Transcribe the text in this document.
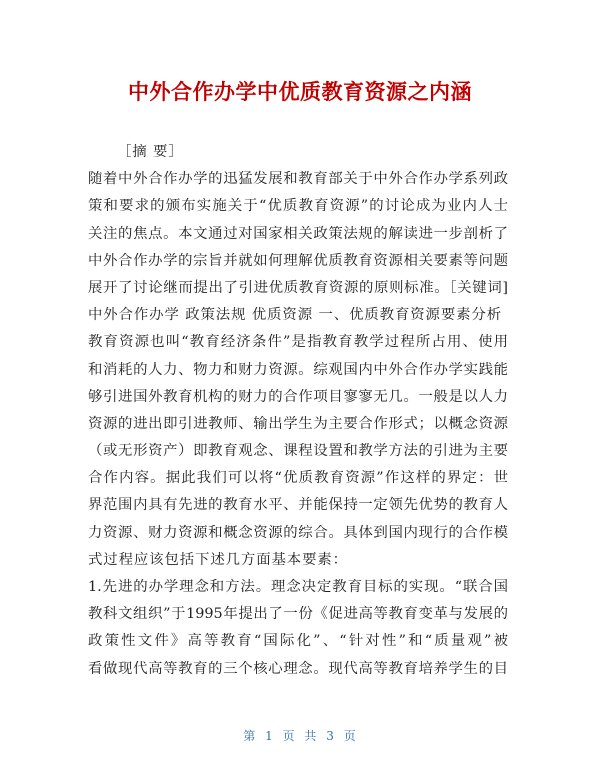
中外合作办学中优质教育资源之内涵
［摘 要］
随着中外合作办学的迅猛发展和教育部关于中外合作办学系列政
策和要求的颁布实施关于“优质教育资源”的讨论成为业内人士
关注的焦点。本文通过对国家相关政策法规的解读进一步剖析了
中外合作办学的宗旨并就如何理解优质教育资源相关要素等问题
展开了讨论继而提出了引进优质教育资源的原则标准。［关键词]
中外合作办学 政策法规 优质资源 一、优质教育资源要素分析
教育资源也叫“教育经济条件”是指教育教学过程所占用、使用
和消耗的人力、物力和财力资源。综观国内中外合作办学实践能
够引进国外教育机构的财力的合作项目寥寥无几。一般是以人力
资源的进出即引进教师、输出学生为主要合作形式；以概念资源
（或无形资产）即教育观念、课程设置和教学方法的引进为主要
合作内容。据此我们可以将“优质教育资源”作这样的界定：世
界范围内具有先进的教育水平、并能保持一定领先优势的教育人
力资源、财力资源和概念资源的综合。具体到国内现行的合作模
式过程应该包括下述几方面基本要素：
1.先进的办学理念和方法。理念决定教育目标的实现。“联合国
教科文组织”于1995年提出了一份《促进高等教育变革与发展的
政策性文件》高等教育“国际化”、“针对性”和“质量观”被
看做现代高等教育的三个核心理念。现代高等教育培养学生的目
第 1 页 共 3 页
